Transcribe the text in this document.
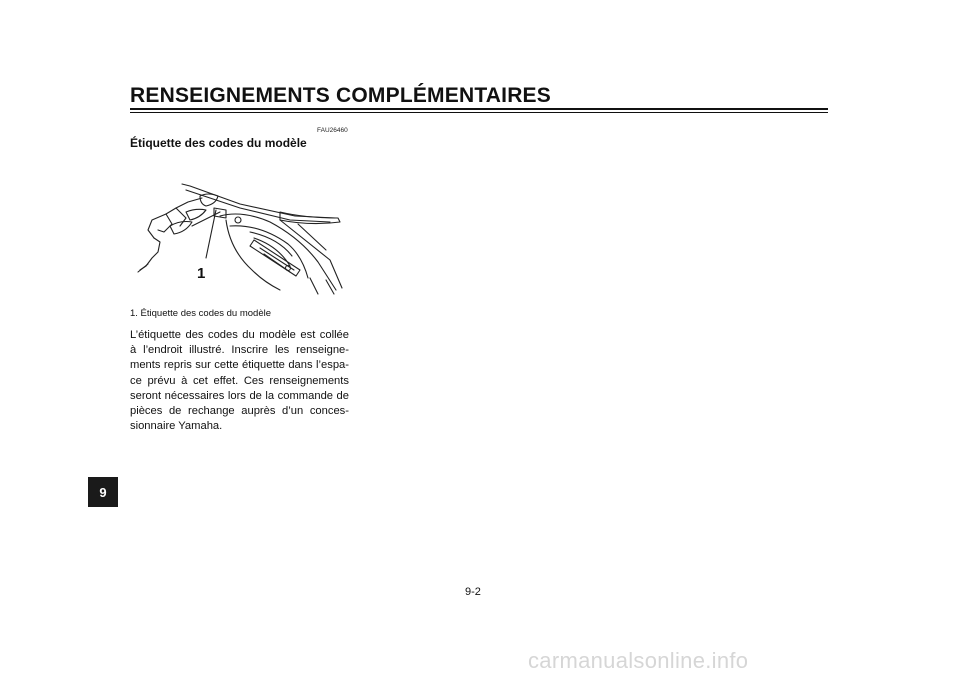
RENSEIGNEMENTS COMPLÉMENTAIRES
FAU26460
Étiquette des codes du modèle
1
1. Étiquette des codes du modèle
L’étiquette des codes du modèle est collée à l’endroit illustré. Inscrire les renseignements repris sur cette étiquette dans l’espace prévu à cet effet. Ces renseignements seront nécessaires lors de la commande de pièces de rechange auprès d’un concessionnaire Yamaha.
9
9-2
carmanualsonline.info
